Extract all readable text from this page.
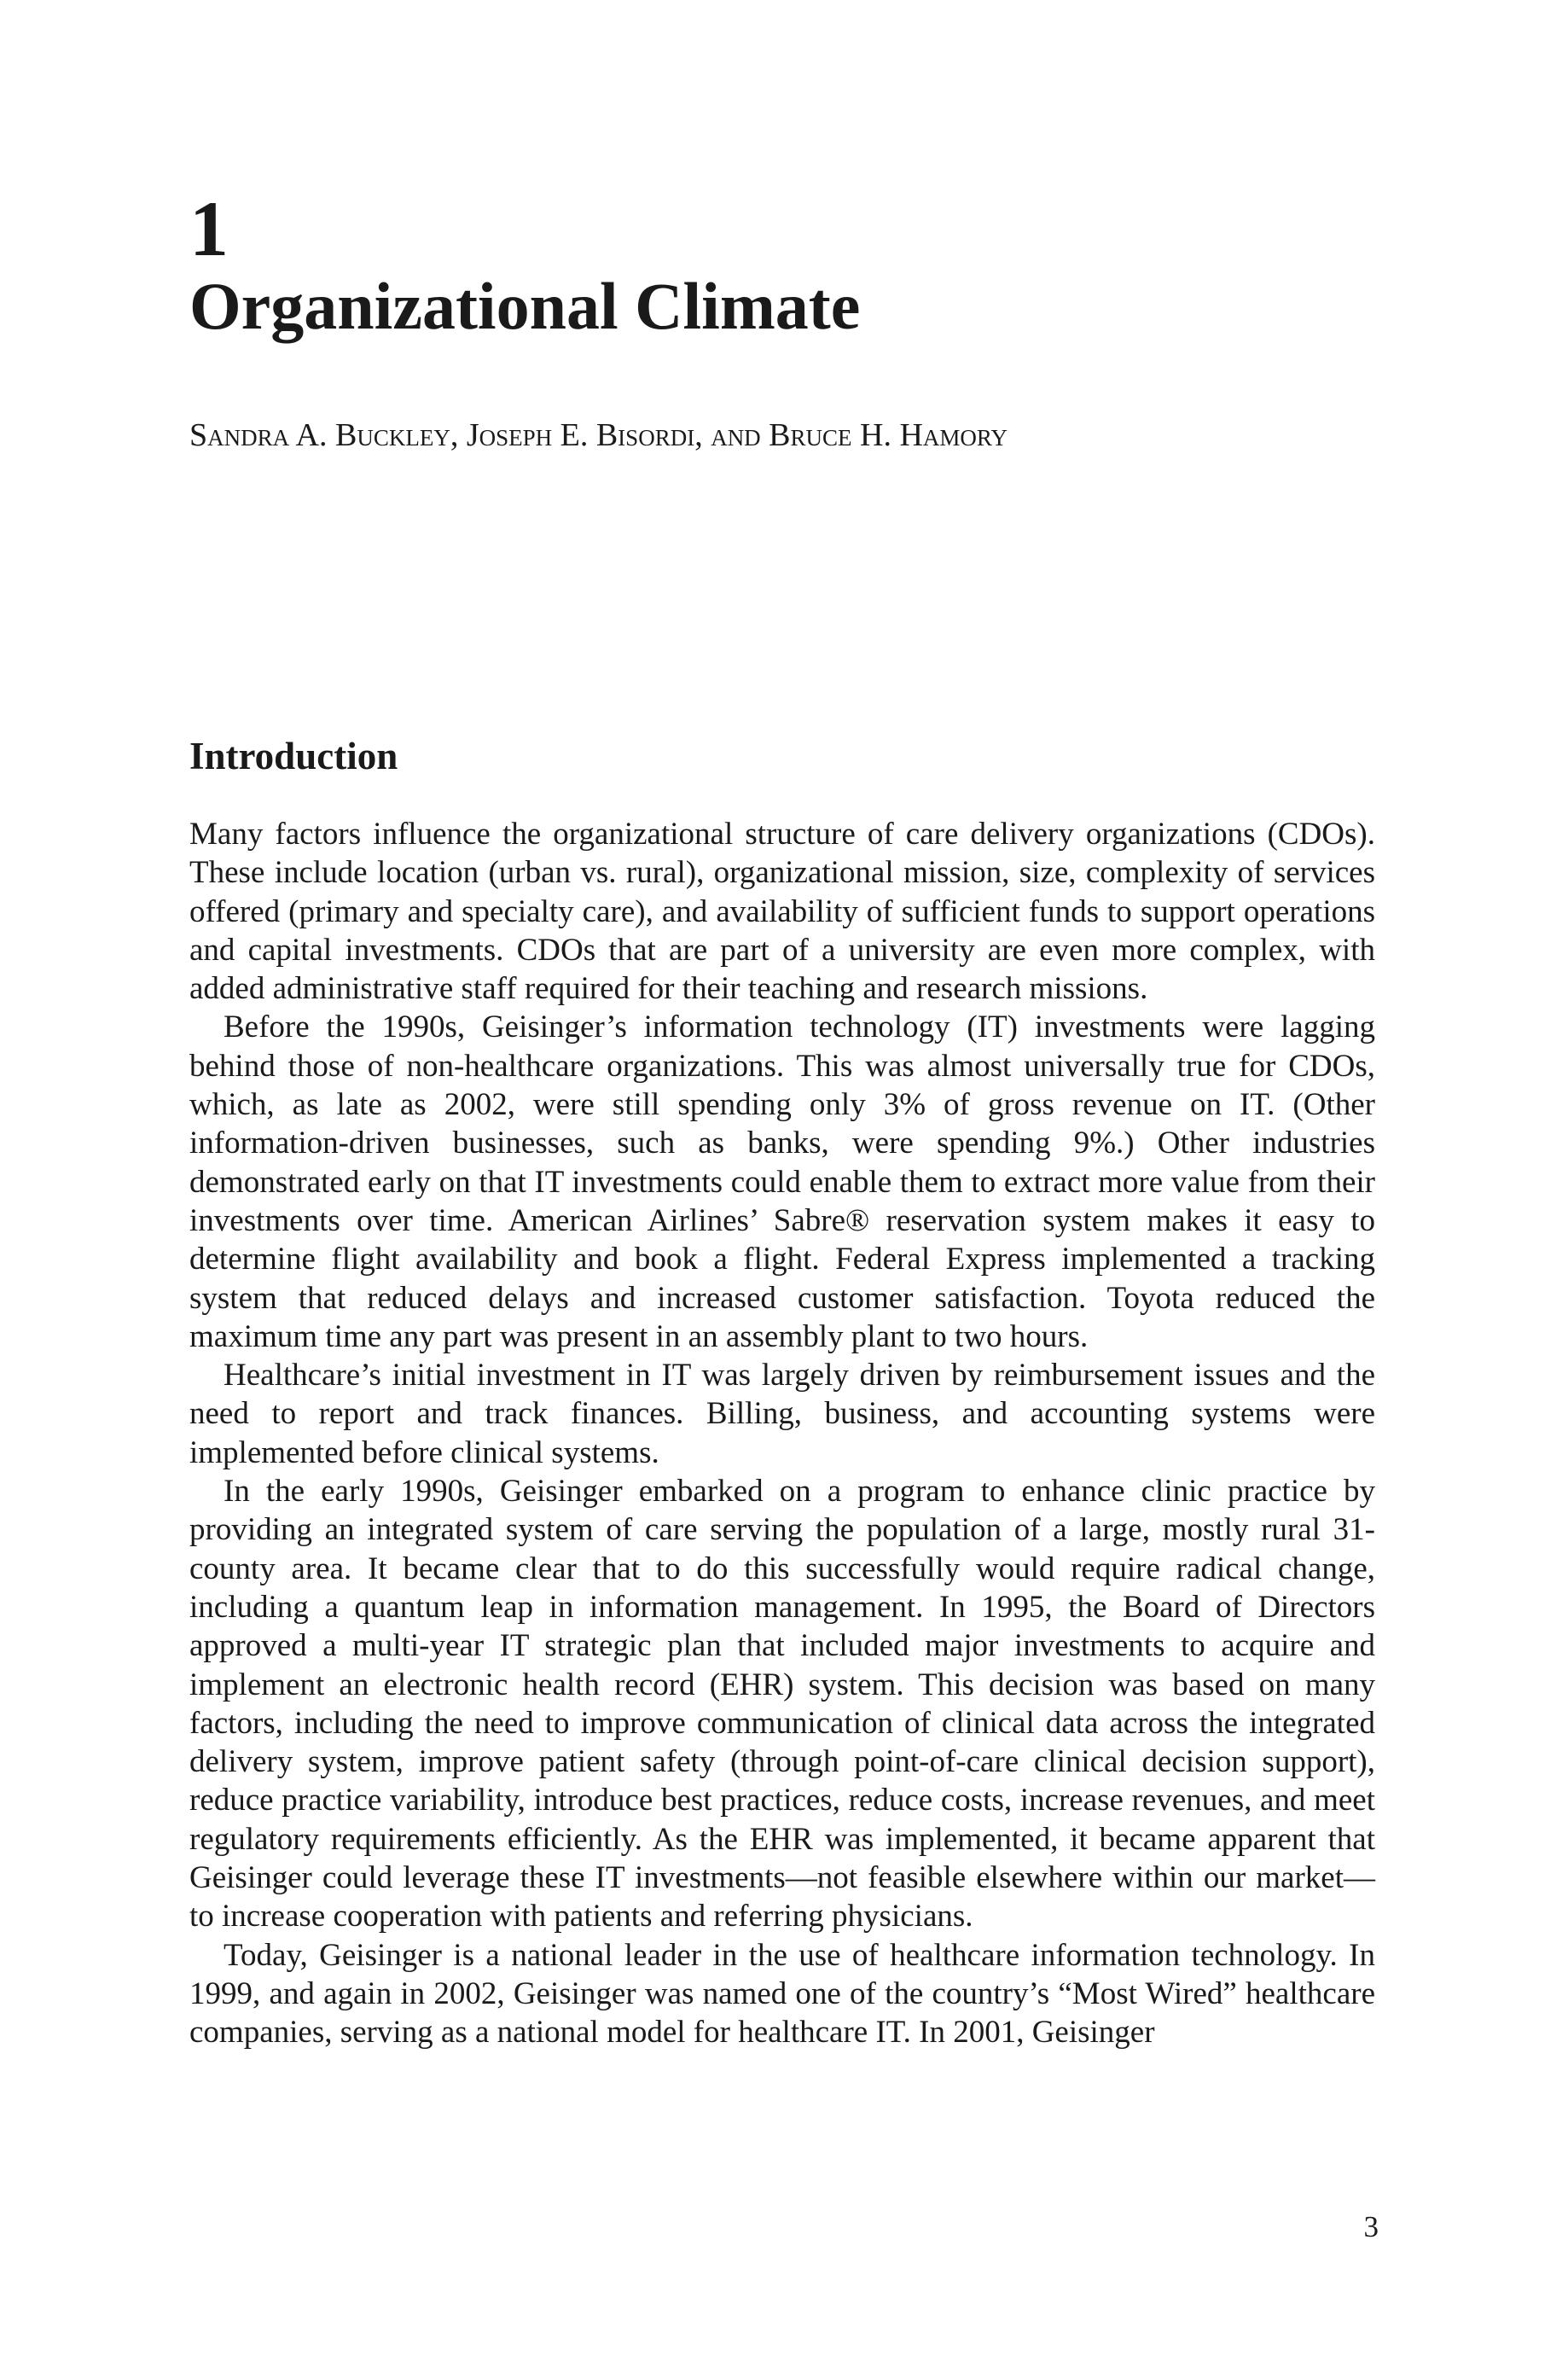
1
Organizational Climate
Sandra A. Buckley, Joseph E. Bisordi, and Bruce H. Hamory
Introduction

Many factors influence the organizational structure of care delivery organizations (CDOs). These include location (urban vs. rural), organizational mission, size, complexity of services offered (primary and specialty care), and availability of sufficient funds to support operations and capital investments. CDOs that are part of a university are even more complex, with added administrative staff required for their teaching and research missions.

Before the 1990s, Geisinger’s information technology (IT) investments were lagging behind those of non-healthcare organizations. This was almost universally true for CDOs, which, as late as 2002, were still spending only 3% of gross revenue on IT. (Other information-driven businesses, such as banks, were spending 9%.) Other industries demonstrated early on that IT investments could enable them to extract more value from their investments over time. American Airlines’ Sabre® reservation system makes it easy to determine flight availability and book a flight. Federal Express implemented a tracking system that reduced delays and increased customer satisfaction. Toyota reduced the maximum time any part was present in an assembly plant to two hours.

Healthcare’s initial investment in IT was largely driven by reimbursement issues and the need to report and track finances. Billing, business, and accounting systems were implemented before clinical systems.

In the early 1990s, Geisinger embarked on a program to enhance clinic practice by providing an integrated system of care serving the population of a large, mostly rural 31-county area. It became clear that to do this successfully would require radical change, including a quantum leap in information management. In 1995, the Board of Directors approved a multi-year IT strategic plan that included major investments to acquire and implement an electronic health record (EHR) system. This decision was based on many factors, including the need to improve communication of clinical data across the integrated delivery system, improve patient safety (through point-of-care clinical decision support), reduce practice variability, introduce best practices, reduce costs, increase revenues, and meet regulatory requirements efficiently. As the EHR was implemented, it became apparent that Geisinger could leverage these IT investments—not feasible elsewhere within our market—to increase cooperation with patients and referring physicians.

Today, Geisinger is a national leader in the use of healthcare information technology. In 1999, and again in 2002, Geisinger was named one of the country’s “Most Wired” healthcare companies, serving as a national model for healthcare IT. In 2001, Geisinger

3
